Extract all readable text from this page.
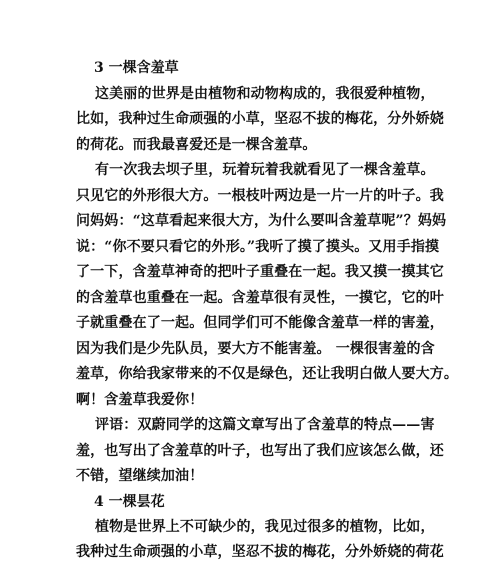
3 一棵含羞草
这美丽的世界是由植物和动物构成的，我很爱种植物，
比如，我种过生命顽强的小草，坚忍不拔的梅花，分外娇娆
的荷花。而我最喜爱还是一棵含羞草。
有一次我去坝子里，玩着玩着我就看见了一棵含羞草。
只见它的外形很大方。一根枝叶两边是一片一片的叶子。我
问妈妈：“这草看起来很大方，为什么要叫含羞草呢”？妈妈
说：“你不要只看它的外形。”我听了摸了摸头。又用手指摸
了一下，含羞草神奇的把叶子重叠在一起。我又摸一摸其它
的含羞草也重叠在一起。含羞草很有灵性，一摸它，它的叶
子就重叠在了一起。但同学们可不能像含羞草一样的害羞，
因为我们是少先队员，要大方不能害羞。 一棵很害羞的含
羞草，你给我家带来的不仅是绿色，还让我明白做人要大方。
啊！含羞草我爱你！
评语：双蔚同学的这篇文章写出了含羞草的特点——害
羞，也写出了含羞草的叶子，也写出了我们应该怎么做，还
不错，望继续加油！
4 一棵昙花
植物是世界上不可缺少的，我见过很多的植物，比如，
我种过生命顽强的小草，坚忍不拔的梅花，分外娇娆的荷花
